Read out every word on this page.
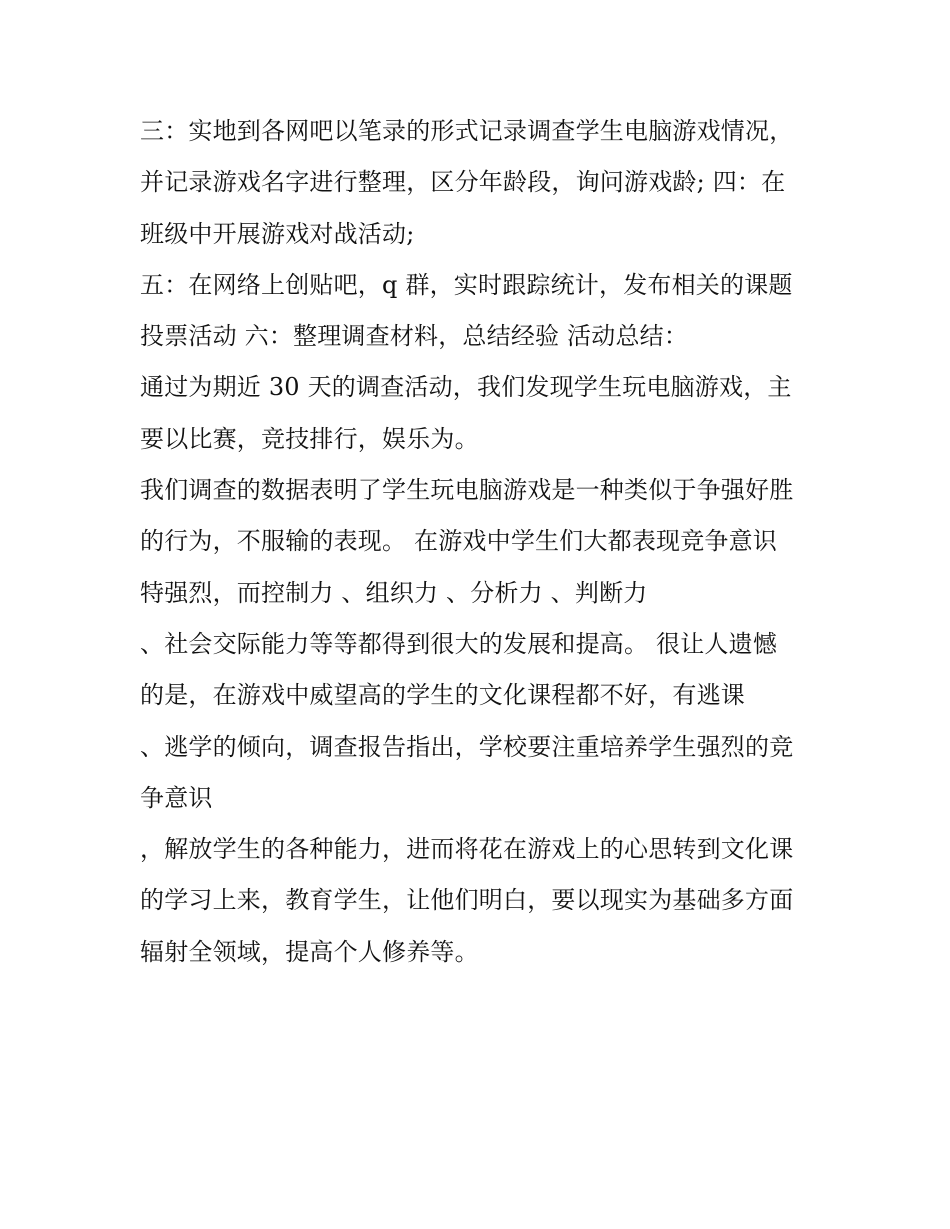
三：实地到各网吧以笔录的形式记录调查学生电脑游戏情况，
并记录游戏名字进行整理，区分年龄段，询问游戏龄; 四：在
班级中开展游戏对战活动;
五：在网络上创贴吧，q 群，实时跟踪统计，发布相关的课题
投票活动 六：整理调查材料，总结经验 活动总结：
通过为期近 30 天的调查活动，我们发现学生玩电脑游戏，主
要以比赛，竞技排行，娱乐为。
我们调查的数据表明了学生玩电脑游戏是一种类似于争强好胜
的行为，不服输的表现。 在游戏中学生们大都表现竞争意识
特强烈，而控制力 、组织力 、分析力 、判断力
、社会交际能力等等都得到很大的发展和提高。 很让人遗憾
的是，在游戏中威望高的学生的文化课程都不好，有逃课
、逃学的倾向，调查报告指出，学校要注重培养学生强烈的竞
争意识
，解放学生的各种能力，进而将花在游戏上的心思转到文化课
的学习上来，教育学生，让他们明白，要以现实为基础多方面
辐射全领域，提高个人修养等。
